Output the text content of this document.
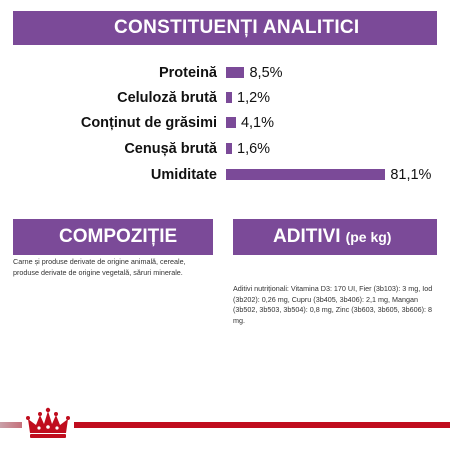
CONSTITUENȚI ANALITICI
Proteină 8,5%
Celuloză brută 1,2%
Conținut de grăsimi 4,1%
Cenușă brută 1,6%
Umiditate	81,1%
COMPOZIȚIE
Carne și produse derivate de origine animală, cereale, produse derivate de origine vegetală, săruri minerale.
ADITIVI (pe kg)
Aditivi nutriționali: Vitamina D3: 170 UI, Fier (3b103): 3 mg, Iod (3b202): 0,26 mg, Cupru (3b405, 3b406): 2,1 mg, Mangan (3b502, 3b503, 3b504): 0,8 mg, Zinc (3b603, 3b605, 3b606): 8 mg.
